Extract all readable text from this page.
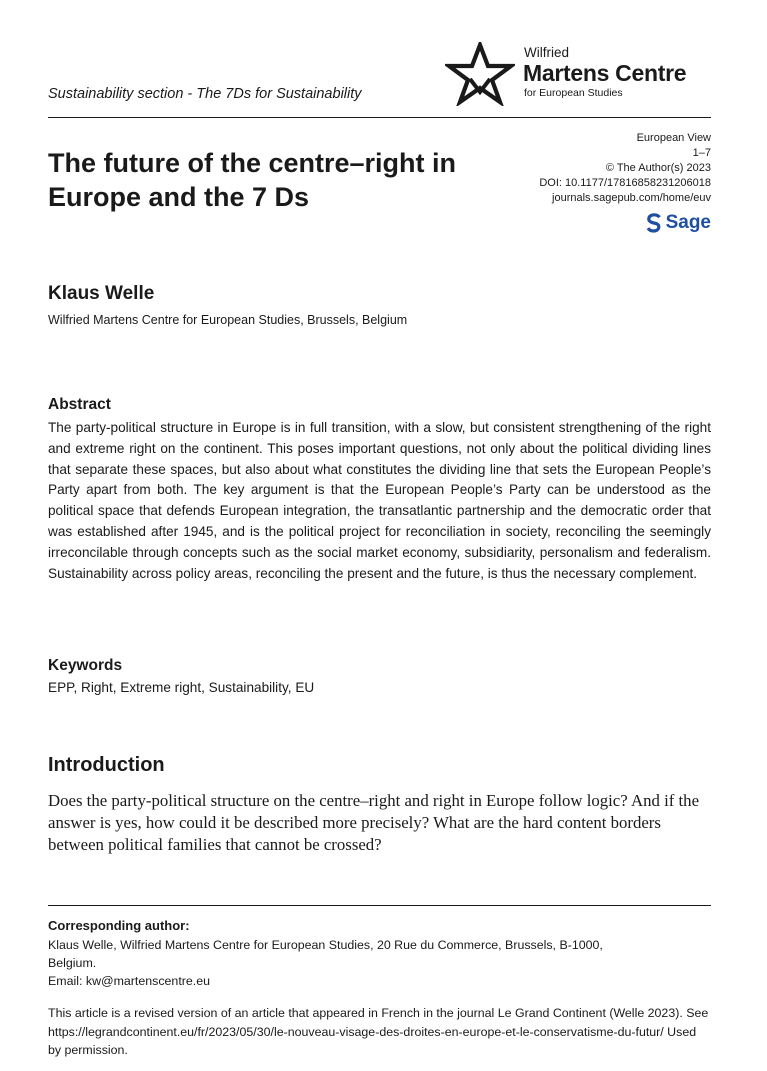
Sustainability section - The 7Ds for Sustainability
Wilfried
Martens Centre
for European Studies
The future of the centre–right in Europe and the 7 Ds
European View
1–7
© The Author(s) 2023
DOI: 10.1177/17816858231206018
journals.sagepub.com/home/euv
Sage
Klaus Welle
Wilfried Martens Centre for European Studies, Brussels, Belgium
Abstract

The party-political structure in Europe is in full transition, with a slow, but consistent strengthening of the right and extreme right on the continent. This poses important questions, not only about the political dividing lines that separate these spaces, but also about what constitutes the dividing line that sets the European People’s Party apart from both. The key argument is that the European People’s Party can be understood as the political space that defends European integration, the transatlantic partnership and the democratic order that was established after 1945, and is the political project for reconciliation in society, reconciling the seemingly irreconcilable through concepts such as the social market economy, subsidiarity, personalism and federalism. Sustainability across policy areas, reconciling the present and the future, is thus the necessary complement.

Keywords
EPP, Right, Extreme right, Sustainability, EU
Introduction

Does the party-political structure on the centre–right and right in Europe follow logic? And if the answer is yes, how could it be described more precisely? What are the hard content borders between political families that cannot be crossed?

Corresponding author:
Klaus Welle, Wilfried Martens Centre for European Studies, 20 Rue du Commerce, Brussels, B-1000,
Belgium.
Email: kw@martenscentre.eu

This article is a revised version of an article that appeared in French in the journal Le Grand Continent (Welle 2023). See https://legrandcontinent.eu/fr/2023/05/30/le-nouveau-visage-des-droites-en-europe-et-le-conservatisme-du-futur/ Used by permission.
